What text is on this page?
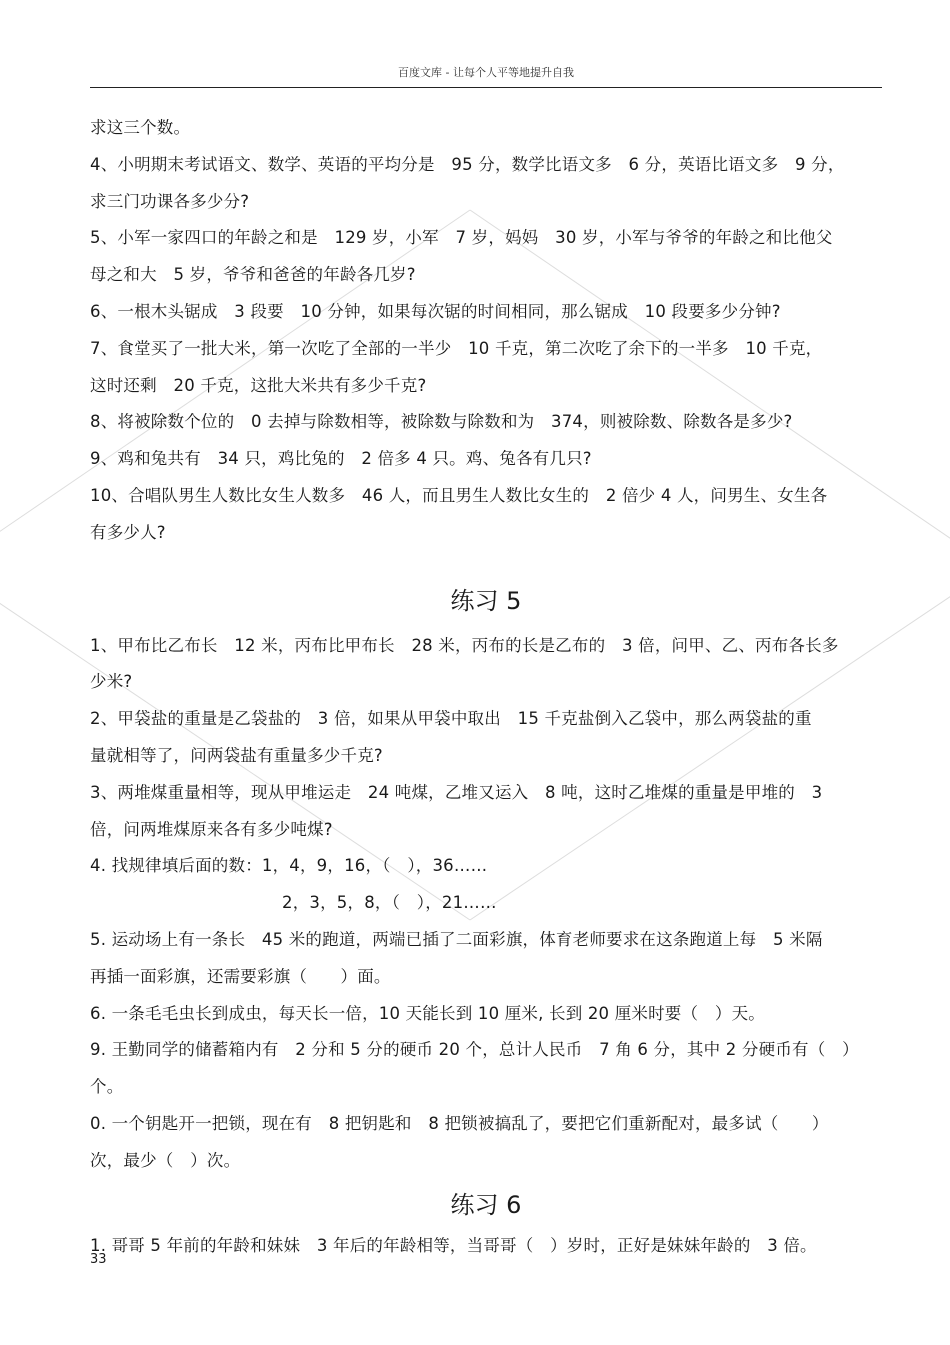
百度文库 - 让每个人平等地提升自我
求这三个数。
4、小明期末考试语文、数学、英语的平均分是　95 分，数学比语文多　6 分，英语比语文多　9 分，
求三门功课各多少分?
5、小军一家四口的年龄之和是　129 岁，小军　7 岁，妈妈　30 岁，小军与爷爷的年龄之和比他父
母之和大　5 岁，爷爷和爸爸的年龄各几岁?
6、一根木头锯成　3 段要　10 分钟，如果每次锯的时间相同，那么锯成　10 段要多少分钟?
7、食堂买了一批大米，第一次吃了全部的一半少　10 千克，第二次吃了余下的一半多　10 千克，
这时还剩　20 千克，这批大米共有多少千克?
8、将被除数个位的　0 去掉与除数相等，被除数与除数和为　374，则被除数、除数各是多少?
9、鸡和兔共有　34 只，鸡比兔的　2 倍多 4 只。鸡、兔各有几只?
10、合唱队男生人数比女生人数多　46 人，而且男生人数比女生的　2 倍少 4 人，问男生、女生各
有多少人?
练习 5
1、甲布比乙布长　12 米，丙布比甲布长　28 米，丙布的长是乙布的　3 倍，问甲、乙、丙布各长多
少米?
2、甲袋盐的重量是乙袋盐的　3 倍，如果从甲袋中取出　15 千克盐倒入乙袋中，那么两袋盐的重
量就相等了，问两袋盐有重量多少千克?
3、两堆煤重量相等，现从甲堆运走　24 吨煤，乙堆又运入　8 吨，这时乙堆煤的重量是甲堆的　3
倍，问两堆煤原来各有多少吨煤?
4. 找规律填后面的数：1，4，9，16，（　），36……
2，3，5，8，（　），21……
5. 运动场上有一条长　45 米的跑道，两端已插了二面彩旗，体育老师要求在这条跑道上每　5 米隔
再插一面彩旗，还需要彩旗（　　）面。
6. 一条毛毛虫长到成虫，每天长一倍，10 天能长到 10 厘米, 长到 20 厘米时要（　）天。
9. 王勤同学的储蓄箱内有　2 分和 5 分的硬币 20 个，总计人民币　7 角 6 分，其中 2 分硬币有（　）
个。
0. 一个钥匙开一把锁，现在有　8 把钥匙和　8 把锁被搞乱了，要把它们重新配对，最多试（　　）
次，最少（　）次。
练习 6
1. 哥哥 5 年前的年龄和妹妹　3 年后的年龄相等，当哥哥（　）岁时，正好是妹妹年龄的　3 倍。
33
